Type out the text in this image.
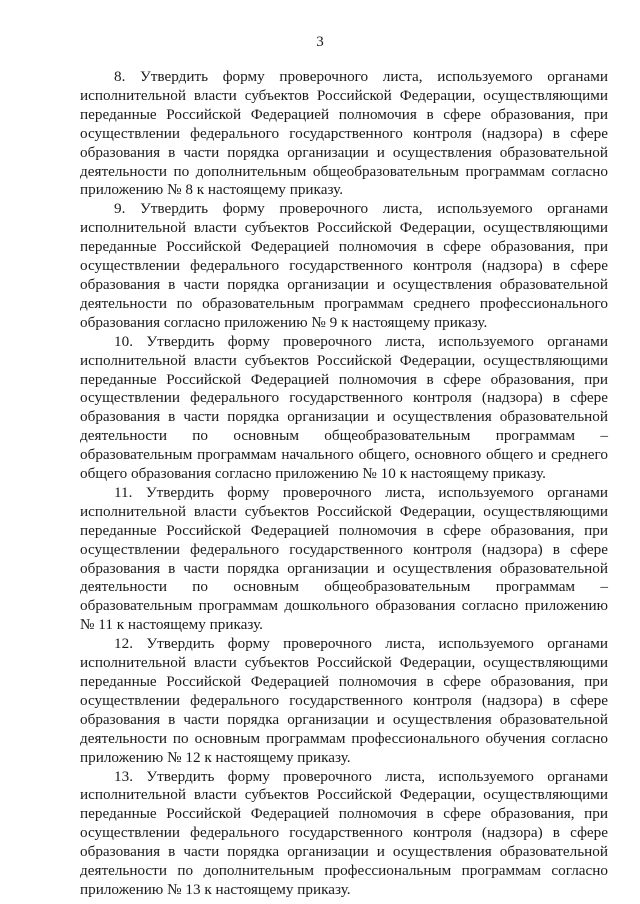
3

8. Утвердить форму проверочного листа, используемого органами исполнительной власти субъектов Российской Федерации, осуществляющими переданные Российской Федерацией полномочия в сфере образования, при осуществлении федерального государственного контроля (надзора) в сфере образования в части порядка организации и осуществления образовательной деятельности по дополнительным общеобразовательным программам согласно приложению № 8 к настоящему приказу.

9. Утвердить форму проверочного листа, используемого органами исполнительной власти субъектов Российской Федерации, осуществляющими переданные Российской Федерацией полномочия в сфере образования, при осуществлении федерального государственного контроля (надзора) в сфере образования в части порядка организации и осуществления образовательной деятельности по образовательным программам среднего профессионального образования согласно приложению № 9 к настоящему приказу.

10. Утвердить форму проверочного листа, используемого органами исполнительной власти субъектов Российской Федерации, осуществляющими переданные Российской Федерацией полномочия в сфере образования, при осуществлении федерального государственного контроля (надзора) в сфере образования в части порядка организации и осуществления образовательной деятельности по основным общеобразовательным программам – образовательным программам начального общего, основного общего и среднего общего образования согласно приложению № 10 к настоящему приказу.

11. Утвердить форму проверочного листа, используемого органами исполнительной власти субъектов Российской Федерации, осуществляющими переданные Российской Федерацией полномочия в сфере образования, при осуществлении федерального государственного контроля (надзора) в сфере образования в части порядка организации и осуществления образовательной деятельности по основным общеобразовательным программам – образовательным программам дошкольного образования согласно приложению № 11 к настоящему приказу.

12. Утвердить форму проверочного листа, используемого органами исполнительной власти субъектов Российской Федерации, осуществляющими переданные Российской Федерацией полномочия в сфере образования, при осуществлении федерального государственного контроля (надзора) в сфере образования в части порядка организации и осуществления образовательной деятельности по основным программам профессионального обучения согласно приложению № 12 к настоящему приказу.

13. Утвердить форму проверочного листа, используемого органами исполнительной власти субъектов Российской Федерации, осуществляющими переданные Российской Федерацией полномочия в сфере образования, при осуществлении федерального государственного контроля (надзора) в сфере образования в части порядка организации и осуществления образовательной деятельности по дополнительным профессиональным программам согласно приложению № 13 к настоящему приказу.
